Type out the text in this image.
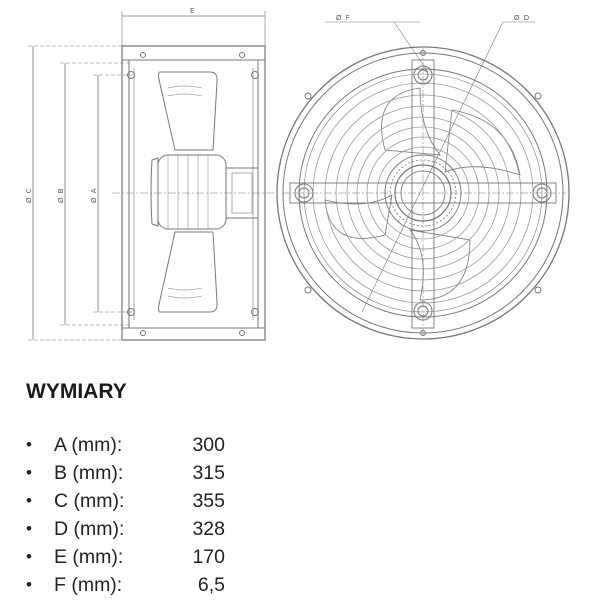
E
Ø C	Ø B	Ø A
Ø F	Ø D
WYMIARY
• A (mm):	300
• B (mm):	315
• C (mm):	355
• D (mm):	328
• E (mm):	170
• F (mm):	6,5
